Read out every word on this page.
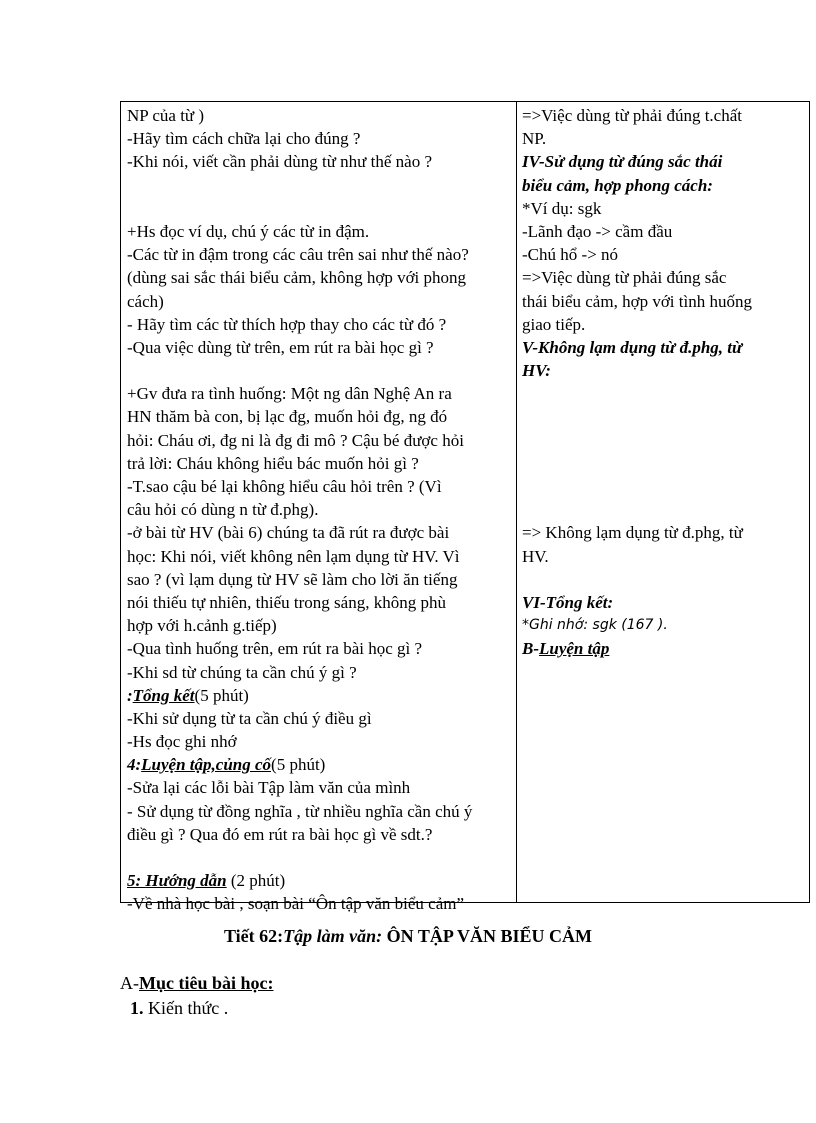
NP của từ )
-Hãy tìm cách chữa lại cho đúng ?
-Khi nói, viết cần phải dùng từ như thế nào ?
+Hs đọc ví dụ, chú ý các từ in đậm.
-Các từ in đậm trong các câu trên sai như thế nào?
(dùng sai sắc thái biểu cảm, không hợp với phong
cách)
- Hãy tìm các từ thích hợp thay cho các từ đó ?
-Qua việc dùng từ trên, em rút ra bài học gì ?
+Gv đưa ra tình huống: Một ng dân Nghệ An ra
HN thăm bà con, bị lạc đg, muốn hỏi đg, ng đó
hỏi: Cháu ơi, đg ni là đg đi mô ? Cậu bé được hỏi
trả lời: Cháu không hiểu bác muốn hỏi gì ?
-T.sao cậu bé lại không hiểu câu hỏi trên ? (Vì
câu hỏi có dùng n từ đ.phg).
-ở bài từ HV (bài 6) chúng ta đã rút ra được bài
học: Khi nói, viết không nên lạm dụng từ HV. Vì
sao ? (vì lạm dụng từ HV sẽ làm cho lời ăn tiếng
nói thiếu tự nhiên, thiếu trong sáng, không phù
hợp với h.cảnh g.tiếp)
-Qua tình huống trên, em rút ra bài học gì ?
-Khi sd từ chúng ta cần chú ý gì ?
:Tổng kết(5 phút)
-Khi sử dụng từ ta cần chú ý điều gì
-Hs đọc ghi nhớ
4:Luyện tập,củng cố(5 phút)
-Sửa lại các lỗi bài Tập làm văn của mình
- Sử dụng từ đồng nghĩa , từ nhiều nghĩa cần chú ý
điều gì ? Qua đó em rút ra bài học gì về sdt.?
5: Hướng dẫn (2 phút)
-Về nhà học bài , soạn bài “Ôn tập văn biểu cảm”
=>Việc dùng từ phải đúng t.chất
NP.
IV-Sử dụng từ đúng sắc thái
biểu cảm, hợp phong cách:
*Ví dụ: sgk
-Lãnh đạo -> cầm đầu
-Chú hổ -> nó
=>Việc dùng từ phải đúng sắc
thái biểu cảm, hợp với tình huống
giao tiếp.
V-Không lạm dụng từ đ.phg, từ
HV:
=> Không lạm dụng từ đ.phg, từ
HV.
VI-Tổng kết:
*Ghi nhớ: sgk (167 ).
B-Luyện tập
Tiết 62:Tập làm văn: ÔN TẬP VĂN BIỂU CẢM
A-Mục tiêu bài học:
1. Kiến thức .
